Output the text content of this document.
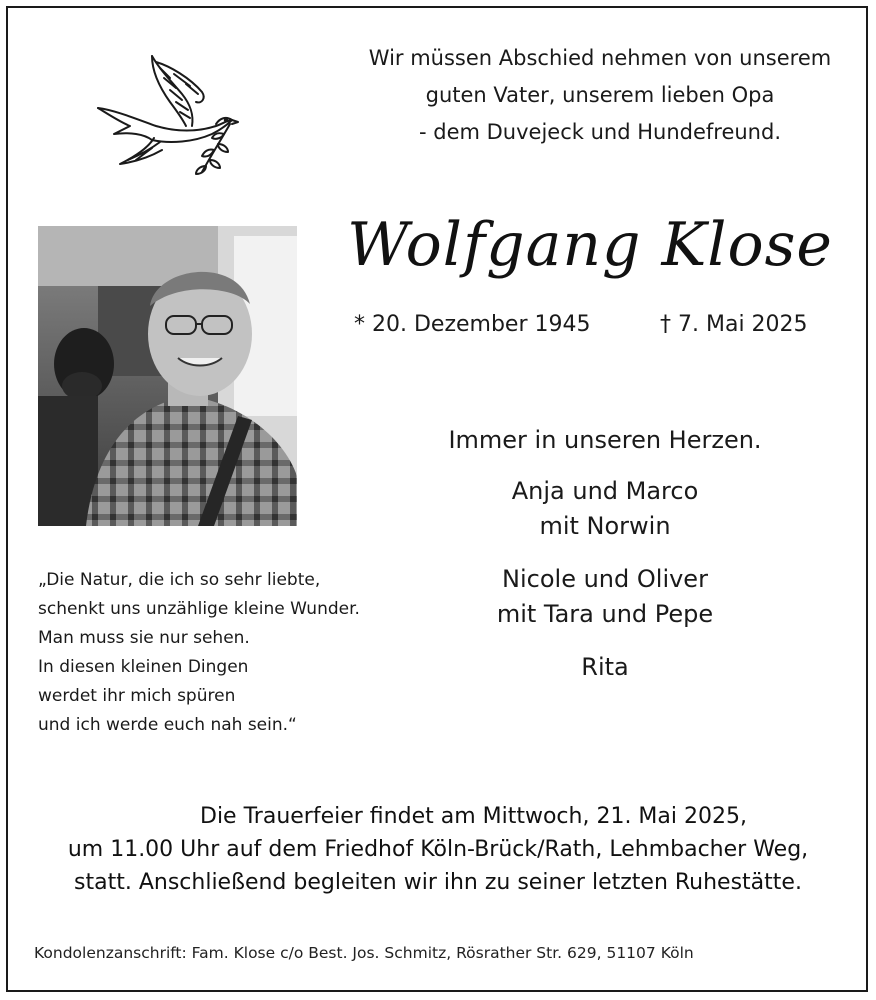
Wir müssen Abschied nehmen von unserem
guten Vater, unserem lieben Opa
- dem Duvejeck und Hundefreund.
Wolfgang Klose
* 20. Dezember 1945	† 7. Mai 2025
Immer in unseren Herzen.
Anja und Marco
mit Norwin
Nicole und Oliver
mit Tara und Pepe
Rita
„Die Natur, die ich so sehr liebte,
schenkt uns unzählige kleine Wunder.
Man muss sie nur sehen.
In diesen kleinen Dingen
werdet ihr mich spüren
und ich werde euch nah sein.“
Die Trauerfeier findet am Mittwoch, 21. Mai 2025,
um 11.00 Uhr auf dem Friedhof Köln-Brück/Rath, Lehmbacher Weg,
statt. Anschließend begleiten wir ihn zu seiner letzten Ruhestätte.
Kondolenzanschrift: Fam. Klose c/o Best. Jos. Schmitz, Rösrather Str. 629, 51107 Köln
